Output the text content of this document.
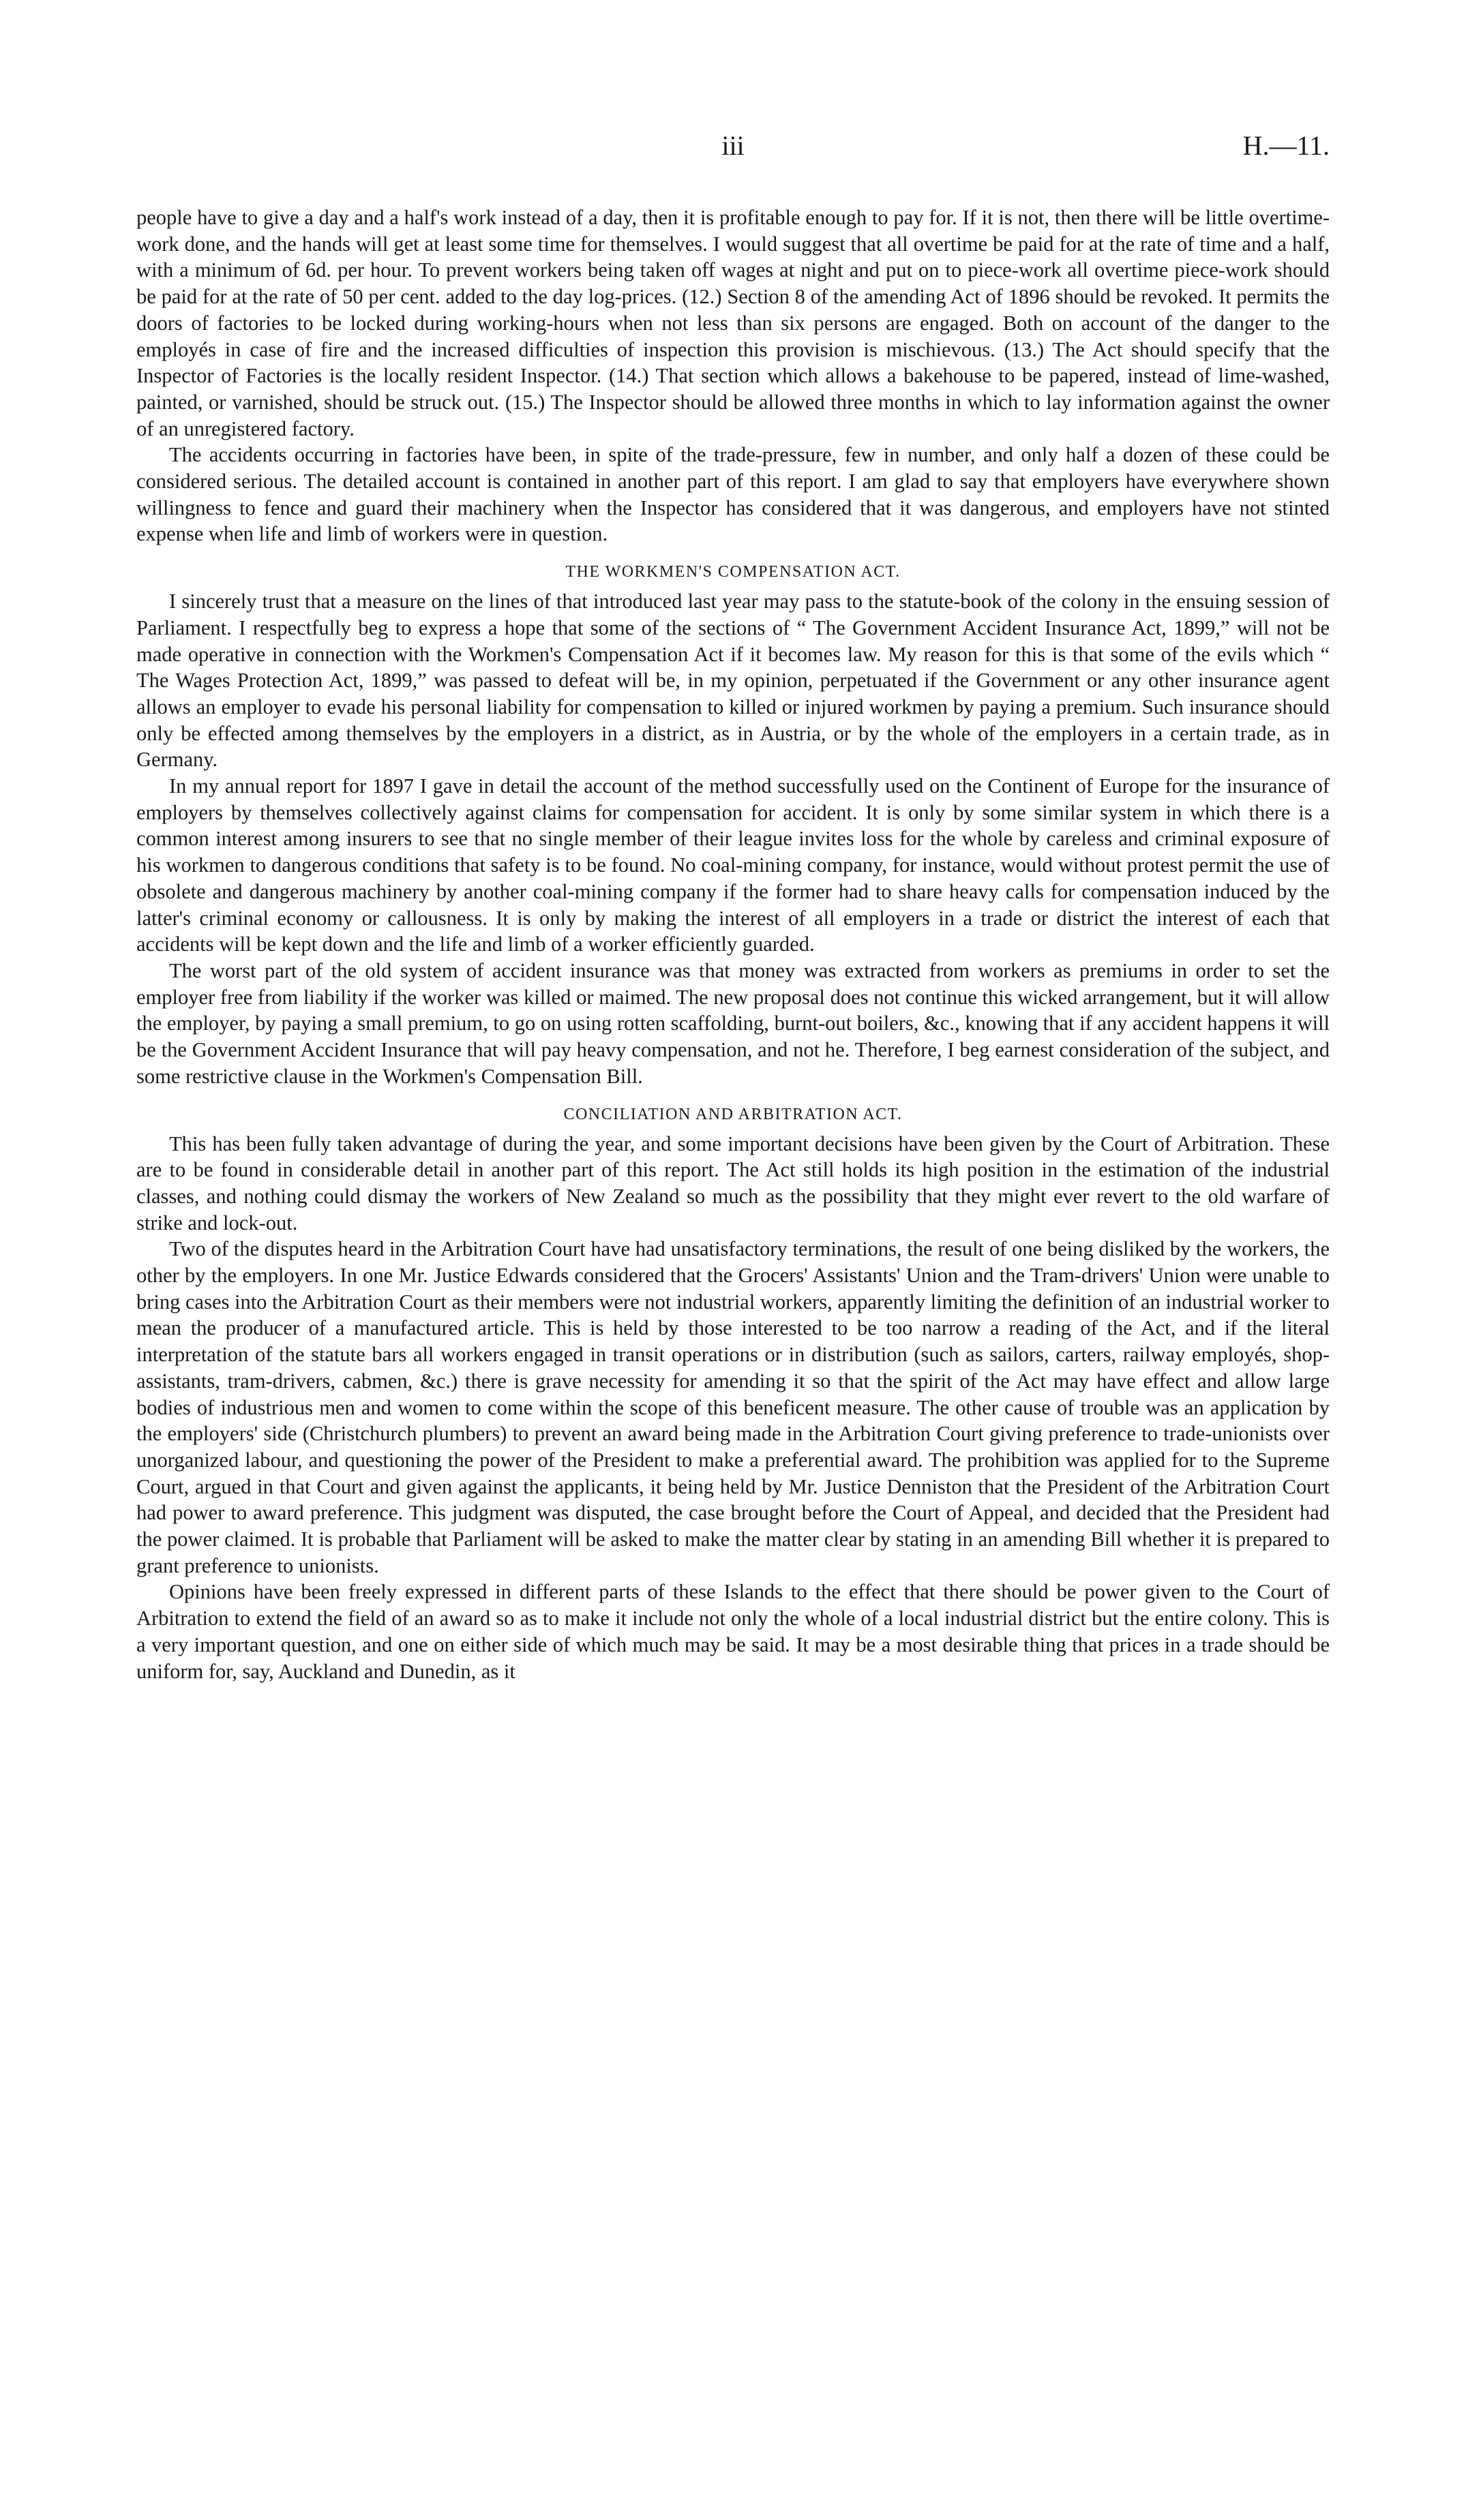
iii	H.—11.

people have to give a day and a half's work instead of a day, then it is profitable enough to pay for. If it is not, then there will be little overtime-work done, and the hands will get at least some time for themselves. I would suggest that all overtime be paid for at the rate of time and a half, with a minimum of 6d. per hour. To prevent workers being taken off wages at night and put on to piece-work all overtime piece-work should be paid for at the rate of 50 per cent. added to the day log-prices. (12.) Section 8 of the amending Act of 1896 should be revoked. It permits the doors of factories to be locked during working-hours when not less than six persons are engaged. Both on account of the danger to the employés in case of fire and the increased difficulties of inspection this provision is mischievous. (13.) The Act should specify that the Inspector of Factories is the locally resident Inspector. (14.) That section which allows a bakehouse to be papered, instead of lime-washed, painted, or varnished, should be struck out. (15.) The Inspector should be allowed three months in which to lay information against the owner of an unregistered factory.

The accidents occurring in factories have been, in spite of the trade-pressure, few in number, and only half a dozen of these could be considered serious. The detailed account is contained in another part of this report. I am glad to say that employers have everywhere shown willingness to fence and guard their machinery when the Inspector has considered that it was dangerous, and employers have not stinted expense when life and limb of workers were in question.

THE WORKMEN'S COMPENSATION ACT.

I sincerely trust that a measure on the lines of that introduced last year may pass to the statute-book of the colony in the ensuing session of Parliament. I respectfully beg to express a hope that some of the sections of “ The Government Accident Insurance Act, 1899,” will not be made operative in connection with the Workmen's Compensation Act if it becomes law. My reason for this is that some of the evils which “ The Wages Protection Act, 1899,” was passed to defeat will be, in my opinion, perpetuated if the Government or any other insurance agent allows an employer to evade his personal liability for compensation to killed or injured workmen by paying a premium. Such insurance should only be effected among themselves by the employers in a district, as in Austria, or by the whole of the employers in a certain trade, as in Germany.

In my annual report for 1897 I gave in detail the account of the method successfully used on the Continent of Europe for the insurance of employers by themselves collectively against claims for compensation for accident. It is only by some similar system in which there is a common interest among insurers to see that no single member of their league invites loss for the whole by careless and criminal exposure of his workmen to dangerous conditions that safety is to be found. No coal-mining company, for instance, would without protest permit the use of obsolete and dangerous machinery by another coal-mining company if the former had to share heavy calls for compensation induced by the latter's criminal economy or callousness. It is only by making the interest of all employers in a trade or district the interest of each that accidents will be kept down and the life and limb of a worker efficiently guarded.

The worst part of the old system of accident insurance was that money was extracted from workers as premiums in order to set the employer free from liability if the worker was killed or maimed. The new proposal does not continue this wicked arrangement, but it will allow the employer, by paying a small premium, to go on using rotten scaffolding, burnt-out boilers, &c., knowing that if any accident happens it will be the Government Accident Insurance that will pay heavy compensation, and not he. Therefore, I beg earnest consideration of the subject, and some restrictive clause in the Workmen's Compensation Bill.

CONCILIATION AND ARBITRATION ACT.

This has been fully taken advantage of during the year, and some important decisions have been given by the Court of Arbitration. These are to be found in considerable detail in another part of this report. The Act still holds its high position in the estimation of the industrial classes, and nothing could dismay the workers of New Zealand so much as the possibility that they might ever revert to the old warfare of strike and lock-out.

Two of the disputes heard in the Arbitration Court have had unsatisfactory terminations, the result of one being disliked by the workers, the other by the employers. In one Mr. Justice Edwards considered that the Grocers' Assistants' Union and the Tram-drivers' Union were unable to bring cases into the Arbitration Court as their members were not industrial workers, apparently limiting the definition of an industrial worker to mean the producer of a manufactured article. This is held by those interested to be too narrow a reading of the Act, and if the literal interpretation of the statute bars all workers engaged in transit operations or in distribution (such as sailors, carters, railway employés, shop-assistants, tram-drivers, cabmen, &c.) there is grave necessity for amending it so that the spirit of the Act may have effect and allow large bodies of industrious men and women to come within the scope of this beneficent measure. The other cause of trouble was an application by the employers' side (Christchurch plumbers) to prevent an award being made in the Arbitration Court giving preference to trade-unionists over unorganized labour, and questioning the power of the President to make a preferential award. The prohibition was applied for to the Supreme Court, argued in that Court and given against the applicants, it being held by Mr. Justice Denniston that the President of the Arbitration Court had power to award preference. This judgment was disputed, the case brought before the Court of Appeal, and decided that the President had the power claimed. It is probable that Parliament will be asked to make the matter clear by stating in an amending Bill whether it is prepared to grant preference to unionists.

Opinions have been freely expressed in different parts of these Islands to the effect that there should be power given to the Court of Arbitration to extend the field of an award so as to make it include not only the whole of a local industrial district but the entire colony. This is a very important question, and one on either side of which much may be said. It may be a most desirable thing that prices in a trade should be uniform for, say, Auckland and Dunedin, as it
